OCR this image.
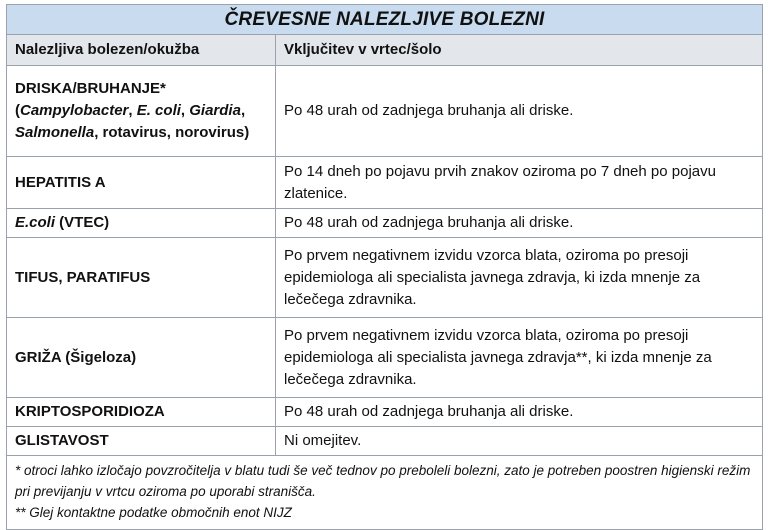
ČREVESNE NALEZLJIVE BOLEZNI	
Nalezljiva bolezen/okužba	Vključitev v vrtec/šolo
DRISKA/BRUHANJE*
(Campylobacter, E. coli, Giardia,
Salmonella, rotavirus, norovirus)	Po 48 urah od zadnjega bruhanja ali driske.
HEPATITIS A	Po 14 dneh po pojavu prvih znakov oziroma po 7 dneh po pojavu zlatenice.
E.coli (VTEC)	Po 48 urah od zadnjega bruhanja ali driske.
TIFUS, PARATIFUS	Po prvem negativnem izvidu vzorca blata, oziroma po presoji epidemiologa ali specialista javnega zdravja, ki izda mnenje za lečečega zdravnika.
GRIŽA (Šigeloza)	Po prvem negativnem izvidu vzorca blata, oziroma po presoji epidemiologa ali specialista javnega zdravja**, ki izda mnenje za lečečega zdravnika.
KRIPTOSPORIDIOZA	Po 48 urah od zadnjega bruhanja ali driske.
GLISTAVOST	Ni omejitev.

* otroci lahko izločajo povzročitelja v blatu tudi še več tednov po preboleli bolezni, zato je potreben poostren higienski režim pri previjanju v vrtcu oziroma po uporabi stranišča.
** Glej kontaktne podatke območnih enot NIJZ	
